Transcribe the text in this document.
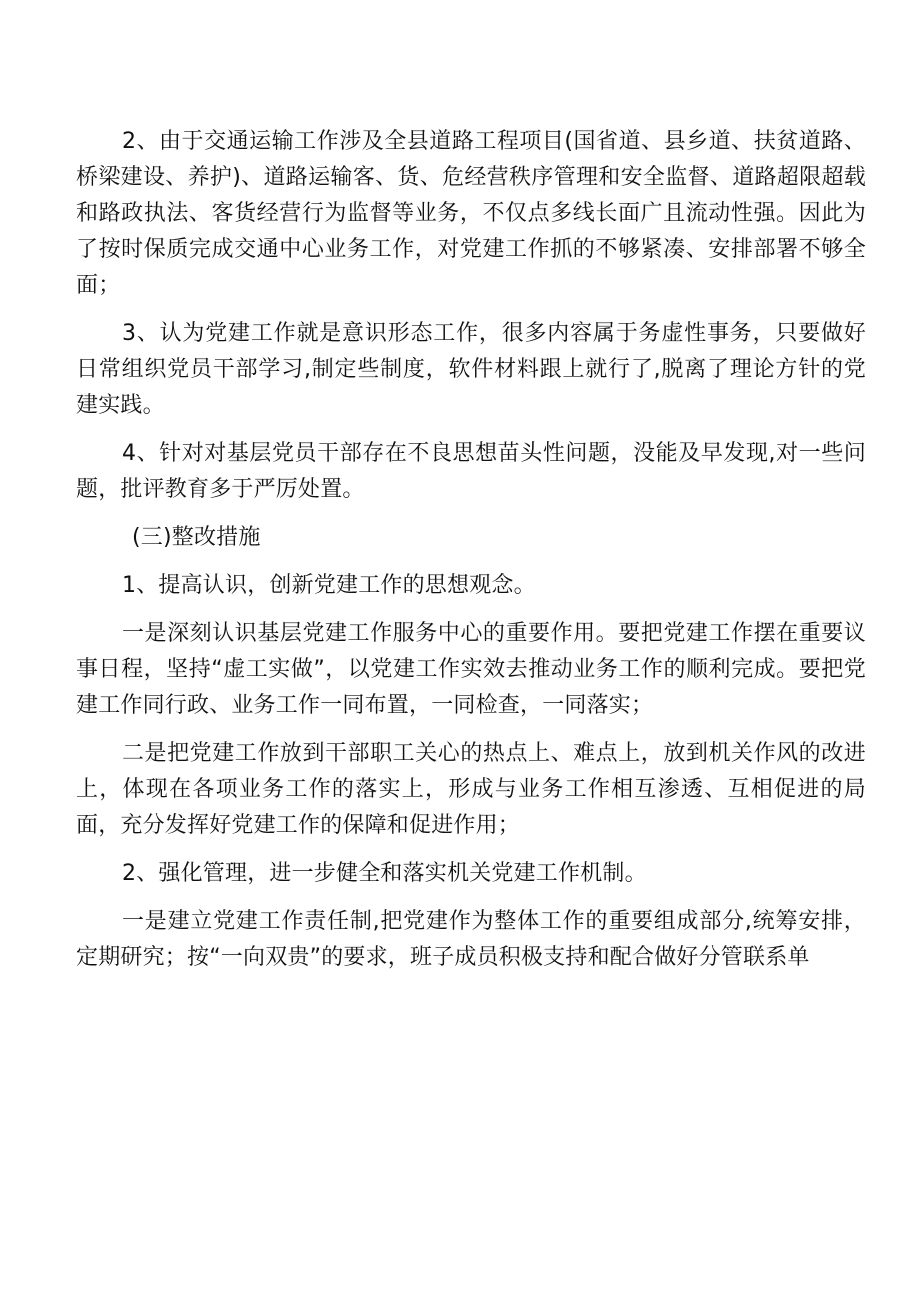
2、由于交通运输工作涉及全县道路工程项目(国省道、县乡道、扶贫道路、桥梁建设、养护)、道路运输客、货、危经营秩序管理和安全监督、道路超限超载和路政执法、客货经营行为监督等业务，不仅点多线长面广且流动性强。因此为了按时保质完成交通中心业务工作，对党建工作抓的不够紧凑、安排部署不够全面；

3、认为党建工作就是意识形态工作，很多内容属于务虚性事务，只要做好日常组织党员干部学习,制定些制度，软件材料跟上就行了,脱离了理论方针的党建实践。

4、针对对基层党员干部存在不良思想苗头性问题，没能及早发现,对一些问题，批评教育多于严厉处置。

(三)整改措施

1、提高认识，创新党建工作的思想观念。

一是深刻认识基层党建工作服务中心的重要作用。要把党建工作摆在重要议事日程，坚持“虚工实做”，以党建工作实效去推动业务工作的顺利完成。要把党建工作同行政、业务工作一同布置，一同检查，一同落实；

二是把党建工作放到干部职工关心的热点上、难点上，放到机关作风的改进上，体现在各项业务工作的落实上，形成与业务工作相互渗透、互相促进的局面，充分发挥好党建工作的保障和促进作用；

2、强化管理，进一步健全和落实机关党建工作机制。

一是建立党建工作责任制,把党建作为整体工作的重要组成部分,统筹安排，定期研究；按“一向双贵”的要求，班子成员积极支持和配合做好分管联系单
